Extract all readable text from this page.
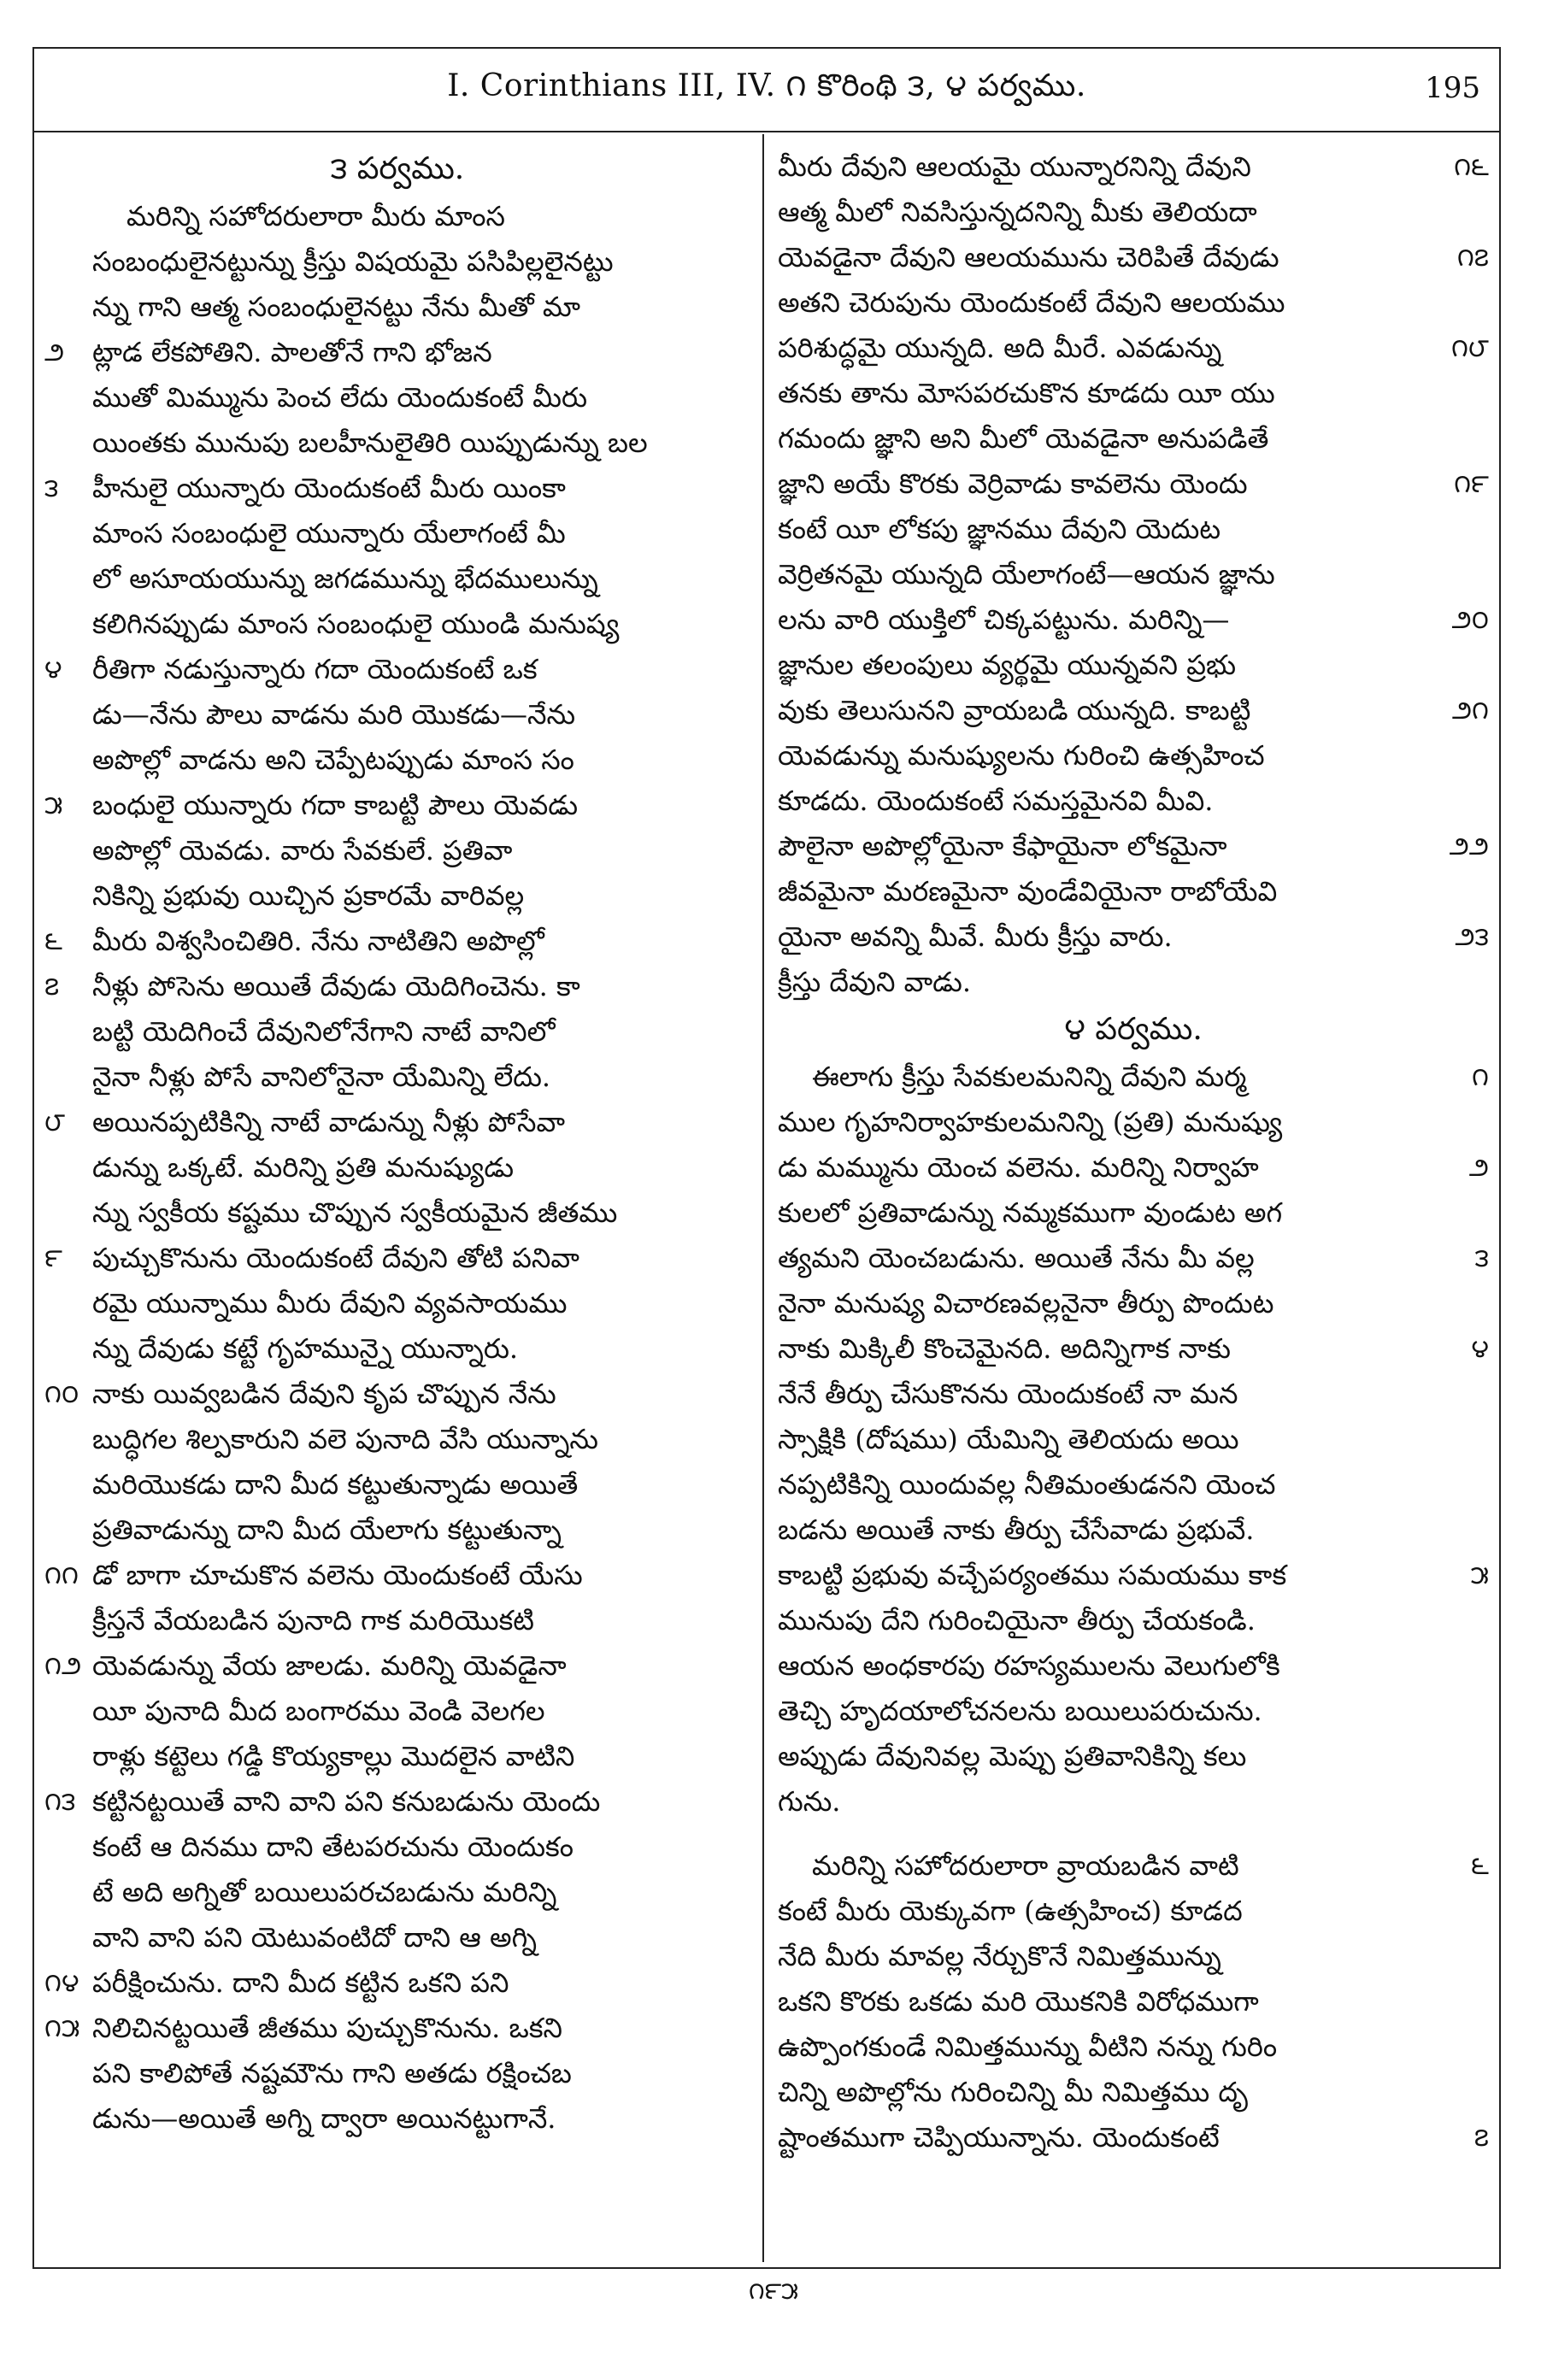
I. Corinthians III, IV. ౧ కొరింథి ౩, ౪ పర్వము.	195
౩ పర్వము.
మరిన్ని సహోదరులారా మీరు మాంస
సంబంధులైనట్టున్ను క్రీస్తు విషయమై పసిపిల్లలైనట్టు
న్ను గాని ఆత్మ సంబంధులైనట్టు నేను మీతో మా
౨ ట్లాడ లేకపోతిని. పాలతోనే గాని భోజన
ముతో మిమ్మును పెంచ లేదు యెందుకంటే మీరు
యింతకు మునుపు బలహీనులైతిరి యిప్పుడున్ను బల
౩ హీనులై యున్నారు యెందుకంటే మీరు యింకా
మాంస సంబంధులై యున్నారు యేలాగంటే మీ
లో అసూయయున్ను జగడమున్ను భేదములున్ను
కలిగినప్పుడు మాంస సంబంధులై యుండి మనుష్య
౪ రీతిగా నడుస్తున్నారు గదా యెందుకంటే ఒక
డు—నేను పౌలు వాడను మరి యొకడు—నేను
అపొల్లో వాడను అని చెప్పేటప్పుడు మాంస సం
౫ బంధులై యున్నారు గదా కాబట్టి పౌలు యెవడు
అపొల్లో యెవడు. వారు సేవకులే. ప్రతివా
నికిన్ని ప్రభువు యిచ్చిన ప్రకారమే వారివల్ల
౬ మీరు విశ్వసించితిరి. నేను నాటితిని అపొల్లో
౭ నీళ్లు పోసెను అయితే దేవుడు యెదిగించెను. కా
బట్టి యెదిగించే దేవునిలోనేగాని నాటే వానిలో
నైనా నీళ్లు పోసే వానిలోనైనా యేమిన్ని లేదు.
౮ అయినప్పటికిన్ని నాటే వాడున్ను నీళ్లు పోసేవా
డున్ను ఒక్కటే. మరిన్ని ప్రతి మనుష్యుడు
న్ను స్వకీయ కష్టము చొప్పున స్వకీయమైన జీతము
౯ పుచ్చుకొనును యెందుకంటే దేవుని తోటి పనివా
రమై యున్నాము మీరు దేవుని వ్యవసాయము
న్ను దేవుడు కట్టే గృహమున్నై యున్నారు.
౧౦ నాకు యివ్వబడిన దేవుని కృప చొప్పున నేను
బుద్ధిగల శిల్పకారుని వలె పునాది వేసి యున్నాను
మరియొకడు దాని మీద కట్టుతున్నాడు అయితే
ప్రతివాడున్ను దాని మీద యేలాగు కట్టుతున్నా
౧౧ డో బాగా చూచుకొన వలెను యెందుకంటే యేసు
క్రీస్తనే వేయబడిన పునాది గాక మరియొకటి
౧౨ యెవడున్ను వేయ జాలడు. మరిన్ని యెవడైనా
యీ పునాది మీద బంగారము వెండి వెలగల
రాళ్లు కట్టెలు గడ్డి కొయ్యకాల్లు మొదలైన వాటిని
౧౩ కట్టినట్టయితే వాని వాని పని కనుబడును యెందు
కంటే ఆ దినము దాని తేటపరచును యెందుకం
టే అది అగ్నితో బయిలుపరచబడును మరిన్ని
వాని వాని పని యెటువంటిదో దాని ఆ అగ్ని
౧౪ పరీక్షించును. దాని మీద కట్టిన ఒకని పని
౧౫ నిలిచినట్టయితే జీతము పుచ్చుకొనును. ఒకని
పని కాలిపోతే నష్టమౌను గాని అతడు రక్షించబ
డును—అయితే అగ్ని ద్వారా అయినట్టుగానే.
౧౬
మీరు దేవుని ఆలయమై యున్నారనిన్ని దేవుని
ఆత్మ మీలో నివసిస్తున్నదనిన్ని మీకు తెలియదా
౧౭
యెవడైనా దేవుని ఆలయమును చెరిపితే దేవుడు
అతని చెరుపును యెందుకంటే దేవుని ఆలయము
౧౮
పరిశుద్ధమై యున్నది. అది మీరే. ఎవడున్ను
తనకు తాను మోసపరచుకొన కూడదు యీ యు
గమందు జ్ఞాని అని మీలో యెవడైనా అనుపడితే
౧౯
జ్ఞాని అయే కొరకు వెర్రివాడు కావలెను యెందు
కంటే యీ లోకపు జ్ఞానము దేవుని యెదుట
వెర్రితనమై యున్నది యేలాగంటే—ఆయన జ్ఞాను
౨౦
లను వారి యుక్తిలో చిక్కపట్టును. మరిన్ని—
జ్ఞానుల తలంపులు వ్యర్థమై యున్నవని ప్రభు
౨౧
వుకు తెలుసునని వ్రాయబడి యున్నది. కాబట్టి
యెవడున్ను మనుష్యులను గురించి ఉత్సహించ
కూడదు. యెందుకంటే సమస్తమైనవి మీవి.
౨౨
పౌలైనా అపొల్లోయైనా కేఫాయైనా లోకమైనా
జీవమైనా మరణమైనా వుండేవియైనా రాబోయేవి
౨౩
యైనా అవన్ని మీవే. మీరు క్రీస్తు వారు.
క్రీస్తు దేవుని వాడు.
౪ పర్వము.
౧
ఈలాగు క్రీస్తు సేవకులమనిన్ని దేవుని మర్మ
ముల గృహనిర్వాహకులమనిన్ని (ప్రతి) మనుష్యు
౨
డు మమ్మును యెంచ వలెను. మరిన్ని నిర్వాహ
కులలో ప్రతివాడున్ను నమ్మకముగా వుండుట అగ
౩
త్యమని యెంచబడును. అయితే నేను మీ వల్ల
నైనా మనుష్య విచారణవల్లనైనా తీర్పు పొందుట
౪
నాకు మిక్కిలీ కొంచెమైనది. అదిన్నిగాక నాకు
నేనే తీర్పు చేసుకొనను యెందుకంటే నా మన
స్సాక్షికి (దోషము) యేమిన్ని తెలియదు అయి
నప్పటికిన్ని యిందువల్ల నీతిమంతుడనని యెంచ
బడను అయితే నాకు తీర్పు చేసేవాడు ప్రభువే.
౫
కాబట్టి ప్రభువు వచ్చేపర్యంతము సమయము కాక
మునుపు దేని గురించియైనా తీర్పు చేయకండి.
ఆయన అంధకారపు రహస్యములను వెలుగులోకి
తెచ్చి హృదయాలోచనలను బయిలుపరుచును.
అప్పుడు దేవునివల్ల మెప్పు ప్రతివానికిన్ని కలు
గును.
౬
మరిన్ని సహోదరులారా వ్రాయబడిన వాటి
కంటే మీరు యెక్కువగా (ఉత్సహించ) కూడద
నేది మీరు మావల్ల నేర్చుకొనే నిమిత్తమున్ను
ఒకని కొరకు ఒకడు మరి యొకనికి విరోధముగా
ఉప్పొంగకుండే నిమిత్తమున్ను వీటిని నన్ను గురిం
చిన్ని అపొల్లోను గురించిన్ని మీ నిమిత్తము దృ
౭
ష్టాంతముగా చెప్పియున్నాను. యెందుకంటే
౧౯౫
